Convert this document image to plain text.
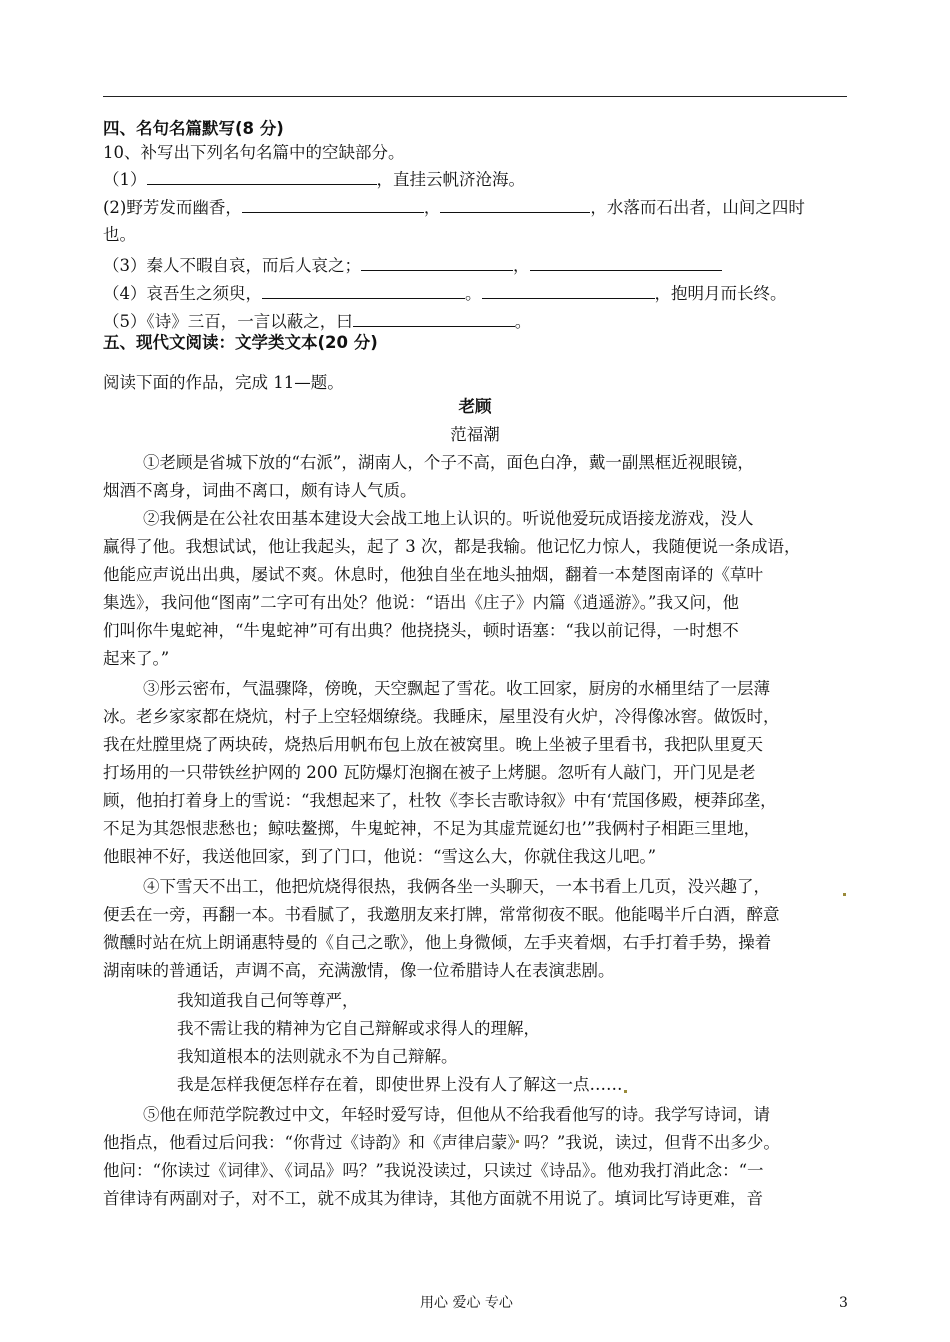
四、名句名篇默写(8 分)
10、补写出下列名句名篇中的空缺部分。
（1）	，直挂云帆济沧海。
(2)野芳发而幽香，	，	，水落而石出者，山间之四时
也。
（3）秦人不暇自哀，而后人哀之；	，
（4）哀吾生之须臾，	。	，抱明月而长终。
（5）《诗》三百，一言以蔽之，曰	。
五、现代文阅读：文学类文本(20 分)
阅读下面的作品，完成 11—题。
老顾
范福潮
①老顾是省城下放的“右派”，湖南人，个子不高，面色白净，戴一副黑框近视眼镜，
烟酒不离身，词曲不离口，颇有诗人气质。
②我俩是在公社农田基本建设大会战工地上认识的。听说他爱玩成语接龙游戏，没人
赢得了他。我想试试，他让我起头，起了 3 次，都是我输。他记忆力惊人，我随便说一条成语，
他能应声说出出典，屡试不爽。休息时，他独自坐在地头抽烟，翻着一本楚图南译的《草叶
集选》，我问他“图南”二字可有出处？他说：“语出《庄子》内篇《逍遥游》。”我又问，他
们叫你牛鬼蛇神，“牛鬼蛇神”可有出典？他挠挠头，顿时语塞：“我以前记得，一时想不
起来了。”
③彤云密布，气温骤降，傍晚，天空飘起了雪花。收工回家，厨房的水桶里结了一层薄
冰。老乡家家都在烧炕，村子上空轻烟缭绕。我睡床，屋里没有火炉，冷得像冰窖。做饭时，
我在灶膛里烧了两块砖，烧热后用帆布包上放在被窝里。晚上坐被子里看书，我把队里夏天
打场用的一只带铁丝护网的 200 瓦防爆灯泡搁在被子上烤腿。忽听有人敲门，开门见是老
顾，他拍打着身上的雪说：“我想起来了，杜牧《李长吉歌诗叙》中有‘荒国侈殿，梗莽邱垄，
不足为其怨恨悲愁也；鲸呿鳌掷，牛鬼蛇神，不足为其虚荒诞幻也’”我俩村子相距三里地，
他眼神不好，我送他回家，到了门口，他说：“雪这么大，你就住我这儿吧。”
④下雪天不出工，他把炕烧得很热，我俩各坐一头聊天，一本书看上几页，没兴趣了，
便丢在一旁，再翻一本。书看腻了，我邀朋友来打牌，常常彻夜不眠。他能喝半斤白酒，醉意
微醺时站在炕上朗诵惠特曼的《自己之歌》，他上身微倾，左手夹着烟，右手打着手势，操着
湖南味的普通话，声调不高，充满激情，像一位希腊诗人在表演悲剧。
我知道我自己何等尊严，
我不需让我的精神为它自己辩解或求得人的理解，
我知道根本的法则就永不为自己辩解。
我是怎样我便怎样存在着，即使世界上没有人了解这一点……
⑤他在师范学院教过中文，年轻时爱写诗，但他从不给我看他写的诗。我学写诗词，请
他指点，他看过后问我：“你背过《诗韵》和《声律启蒙》吗？”我说，读过，但背不出多少。
他问：“你读过《词律》、《词品》吗？”我说没读过，只读过《诗品》。他劝我打消此念：“一
首律诗有两副对子，对不工，就不成其为律诗，其他方面就不用说了。填词比写诗更难，音
用心 爱心 专心	3
